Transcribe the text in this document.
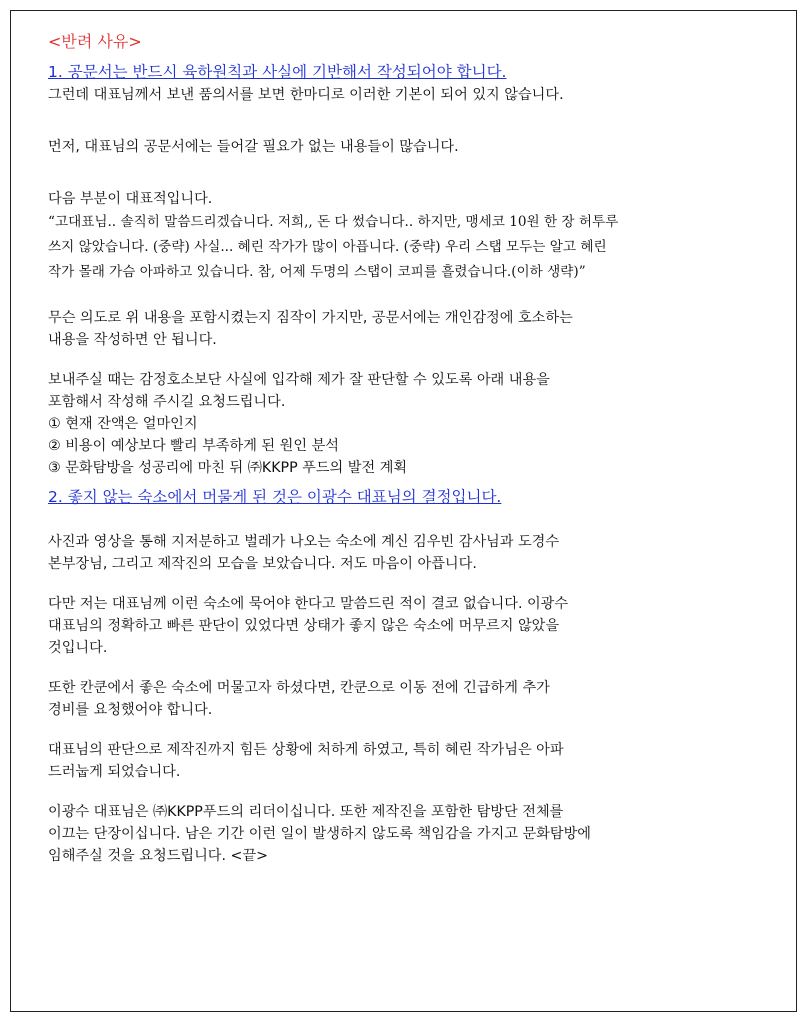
<반려 사유>

1. 공문서는 반드시 육하원칙과 사실에 기반해서 작성되어야 합니다.

그런데 대표님께서 보낸 품의서를 보면 한마디로 이러한 기본이 되어 있지 않습니다.

먼저, 대표님의 공문서에는 들어갈 필요가 없는 내용들이 많습니다.

다음 부분이 대표적입니다.

“고대표님.. 솔직히 말씀드리겠습니다. 저희,, 돈 다 썼습니다.. 하지만, 맹세코 10원 한 장 허투루

쓰지 않았습니다. (중략) 사실... 혜린 작가가 많이 아픕니다. (중략) 우리 스탭 모두는 알고 혜린

작가 몰래 가슴 아파하고 있습니다. 참, 어제 두명의 스탭이 코피를 흘렸습니다.(이하 생략)”

무슨 의도로 위 내용을 포함시켰는지 짐작이 가지만, 공문서에는 개인감정에 호소하는

내용을 작성하면 안 됩니다.

보내주실 때는 감정호소보단 사실에 입각해 제가 잘 판단할 수 있도록 아래 내용을

포함해서 작성해 주시길 요청드립니다.

① 현재 잔액은 얼마인지

② 비용이 예상보다 빨리 부족하게 된 원인 분석

③ 문화탐방을 성공리에 마친 뒤 ㈜KKPP 푸드의 발전 계획

2. 좋지 않는 숙소에서 머물게 된 것은 이광수 대표님의 결정입니다.

사진과 영상을 통해 지저분하고 벌레가 나오는 숙소에 계신 김우빈 감사님과 도경수

본부장님, 그리고 제작진의 모습을 보았습니다. 저도 마음이 아픕니다.

다만 저는 대표님께 이런 숙소에 묵어야 한다고 말씀드린 적이 결코 없습니다. 이광수

대표님의 정확하고 빠른 판단이 있었다면 상태가 좋지 않은 숙소에 머무르지 않았을

것입니다.

또한 칸쿤에서 좋은 숙소에 머물고자 하셨다면, 칸쿤으로 이동 전에 긴급하게 추가

경비를 요청했어야 합니다.

대표님의 판단으로 제작진까지 힘든 상황에 처하게 하였고, 특히 혜린 작가님은 아파

드러눕게 되었습니다.

이광수 대표님은 ㈜KKPP푸드의 리더이십니다. 또한 제작진을 포함한 탐방단 전체를

이끄는 단장이십니다. 남은 기간 이런 일이 발생하지 않도록 책임감을 가지고 문화탐방에

임해주실 것을 요청드립니다. <끝>
